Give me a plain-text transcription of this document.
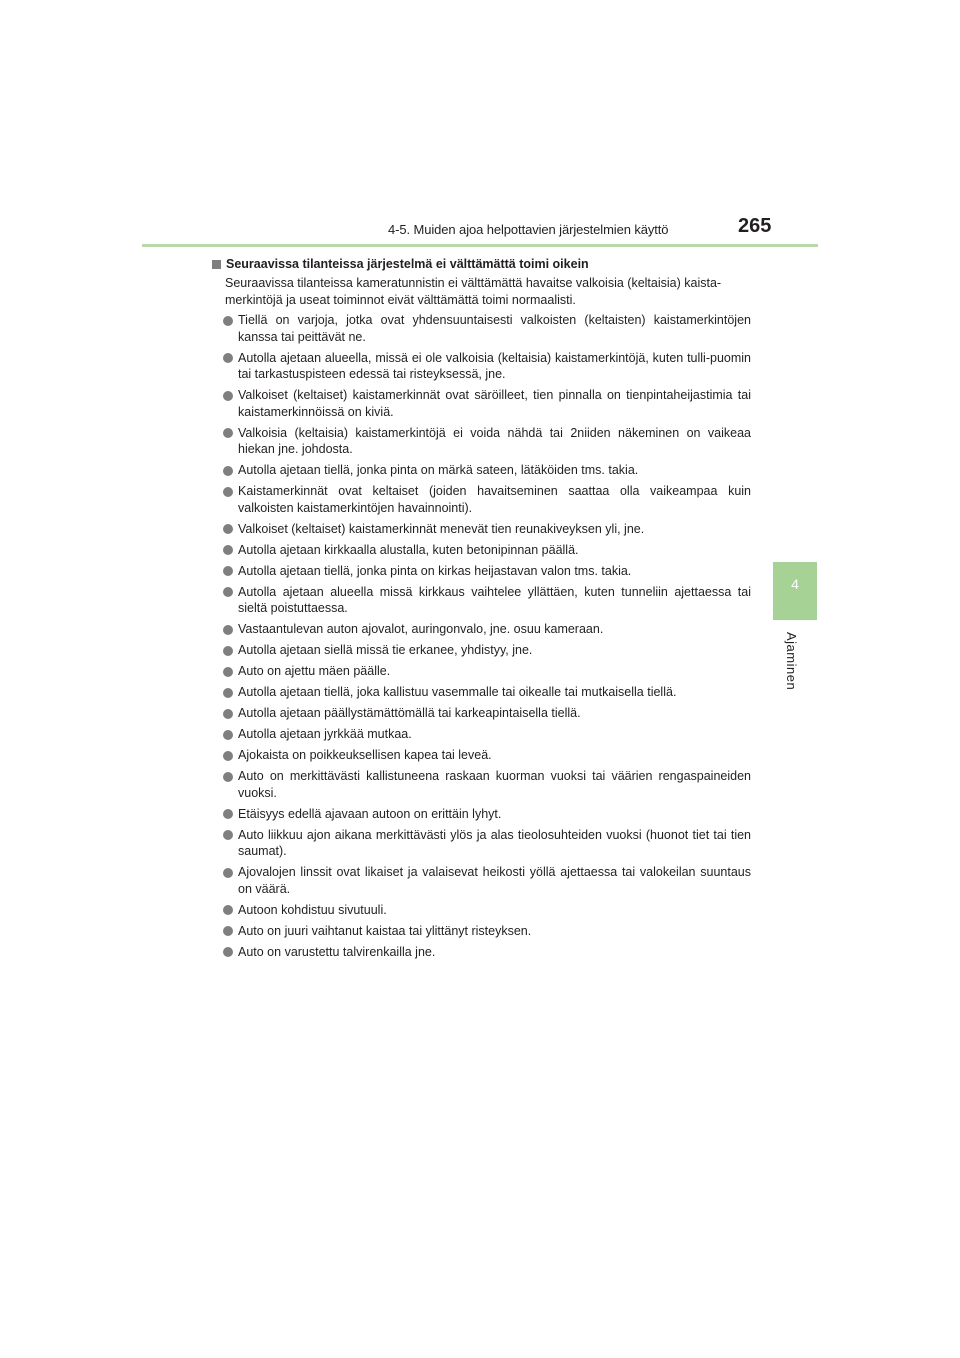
4-5. Muiden ajoa helpottavien järjestelmien käyttö	265
4
Ajaminen
Seuraavissa tilanteissa järjestelmä ei välttämättä toimi oikein

Seuraavissa tilanteissa kameratunnistin ei välttämättä havaitse valkoisia (keltaisia) kaista-merkintöjä ja useat toiminnot eivät välttämättä toimi normaalisti.

Tiellä on varjoja, jotka ovat yhdensuuntaisesti valkoisten (keltaisten) kaistamerkintöjen kanssa tai peittävät ne.
Autolla ajetaan alueella, missä ei ole valkoisia (keltaisia) kaistamerkintöjä, kuten tulli-puomin tai tarkastuspisteen edessä tai risteyksessä, jne.
Valkoiset (keltaiset) kaistamerkinnät ovat säröilleet, tien pinnalla on tienpintaheijastimia tai kaistamerkinnöissä on kiviä.
Valkoisia (keltaisia) kaistamerkintöjä ei voida nähdä tai 2niiden näkeminen on vaikeaa hiekan jne. johdosta.
Autolla ajetaan tiellä, jonka pinta on märkä sateen, lätäköiden tms. takia.
Kaistamerkinnät ovat keltaiset (joiden havaitseminen saattaa olla vaikeampaa kuin valkoisten kaistamerkintöjen havainnointi).
Valkoiset (keltaiset) kaistamerkinnät menevät tien reunakiveyksen yli, jne.
Autolla ajetaan kirkkaalla alustalla, kuten betonipinnan päällä.
Autolla ajetaan tiellä, jonka pinta on kirkas heijastavan valon tms. takia.
Autolla ajetaan alueella missä kirkkaus vaihtelee yllättäen, kuten tunneliin ajettaessa tai sieltä poistuttaessa.
Vastaantulevan auton ajovalot, auringonvalo, jne. osuu kameraan.
Autolla ajetaan siellä missä tie erkanee, yhdistyy, jne.
Auto on ajettu mäen päälle.
Autolla ajetaan tiellä, joka kallistuu vasemmalle tai oikealle tai mutkaisella tiellä.
Autolla ajetaan päällystämättömällä tai karkeapintaisella tiellä.
Autolla ajetaan jyrkkää mutkaa.
Ajokaista on poikkeuksellisen kapea tai leveä.
Auto on merkittävästi kallistuneena raskaan kuorman vuoksi tai väärien rengaspaineiden vuoksi.
Etäisyys edellä ajavaan autoon on erittäin lyhyt.
Auto liikkuu ajon aikana merkittävästi ylös ja alas tieolosuhteiden vuoksi (huonot tiet tai tien saumat).
Ajovalojen linssit ovat likaiset ja valaisevat heikosti yöllä ajettaessa tai valokeilan suuntaus on väärä.
Autoon kohdistuu sivutuuli.
Auto on juuri vaihtanut kaistaa tai ylittänyt risteyksen.
Auto on varustettu talvirenkailla jne.
